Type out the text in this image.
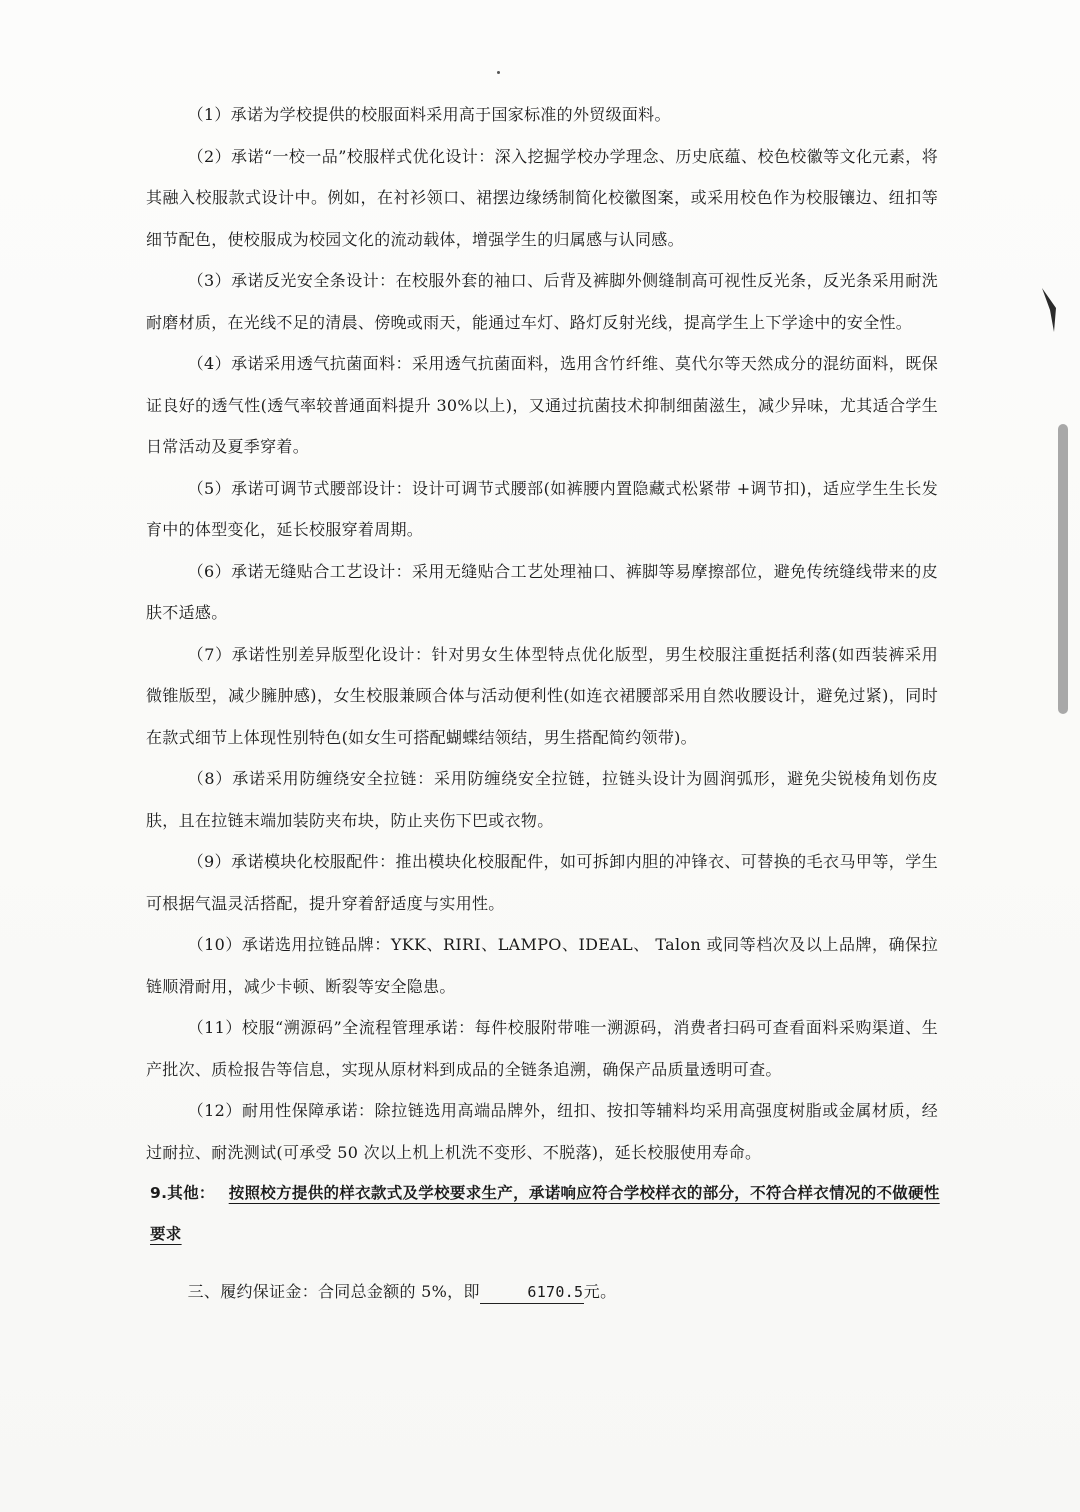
（1）承诺为学校提供的校服面料采用高于国家标准的外贸级面料。

（2）承诺“一校一品”校服样式优化设计：深入挖掘学校办学理念、历史底蕴、校色校徽等文化元素，将其融入校服款式设计中。例如，在衬衫领口、裙摆边缘绣制简化校徽图案，或采用校色作为校服镶边、纽扣等细节配色，使校服成为校园文化的流动载体，增强学生的归属感与认同感。

（3）承诺反光安全条设计：在校服外套的袖口、后背及裤脚外侧缝制高可视性反光条，反光条采用耐洗耐磨材质，在光线不足的清晨、傍晚或雨天，能通过车灯、路灯反射光线，提高学生上下学途中的安全性。

（4）承诺采用透气抗菌面料：采用透气抗菌面料，选用含竹纤维、莫代尔等天然成分的混纺面料，既保证良好的透气性(透气率较普通面料提升 30%以上)，又通过抗菌技术抑制细菌滋生，减少异味，尤其适合学生日常活动及夏季穿着。

（5）承诺可调节式腰部设计：设计可调节式腰部(如裤腰内置隐藏式松紧带 +调节扣)，适应学生生长发育中的体型变化，延长校服穿着周期。

（6）承诺无缝贴合工艺设计：采用无缝贴合工艺处理袖口、裤脚等易摩擦部位，避免传统缝线带来的皮肤不适感。

（7）承诺性别差异版型化设计：针对男女生体型特点优化版型，男生校服注重挺括利落(如西装裤采用微锥版型，减少臃肿感)，女生校服兼顾合体与活动便利性(如连衣裙腰部采用自然收腰设计，避免过紧)，同时在款式细节上体现性别特色(如女生可搭配蝴蝶结领结，男生搭配简约领带)。

（8）承诺采用防缠绕安全拉链：采用防缠绕安全拉链，拉链头设计为圆润弧形，避免尖锐棱角划伤皮肤，且在拉链末端加装防夹布块，防止夹伤下巴或衣物。

（9）承诺模块化校服配件：推出模块化校服配件，如可拆卸内胆的冲锋衣、可替换的毛衣马甲等，学生可根据气温灵活搭配，提升穿着舒适度与实用性。

（10）承诺选用拉链品牌：YKK、RIRI、LAMPO、IDEAL、 Talon 或同等档次及以上品牌，确保拉链顺滑耐用，减少卡顿、断裂等安全隐患。

（11）校服“溯源码”全流程管理承诺：每件校服附带唯一溯源码，消费者扫码可查看面料采购渠道、生产批次、质检报告等信息，实现从原材料到成品的全链条追溯，确保产品质量透明可查。

（12）耐用性保障承诺：除拉链选用高端品牌外，纽扣、按扣等辅料均采用高强度树脂或金属材质，经过耐拉、耐洗测试(可承受 50 次以上机上机洗不变形、不脱落)，延长校服使用寿命。

9.其他： 按照校方提供的样衣款式及学校要求生产，承诺响应符合学校样衣的部分，不符合样衣情况的不做硬性要求

三、履约保证金：合同总金额的 5%，即	6170.5元。
